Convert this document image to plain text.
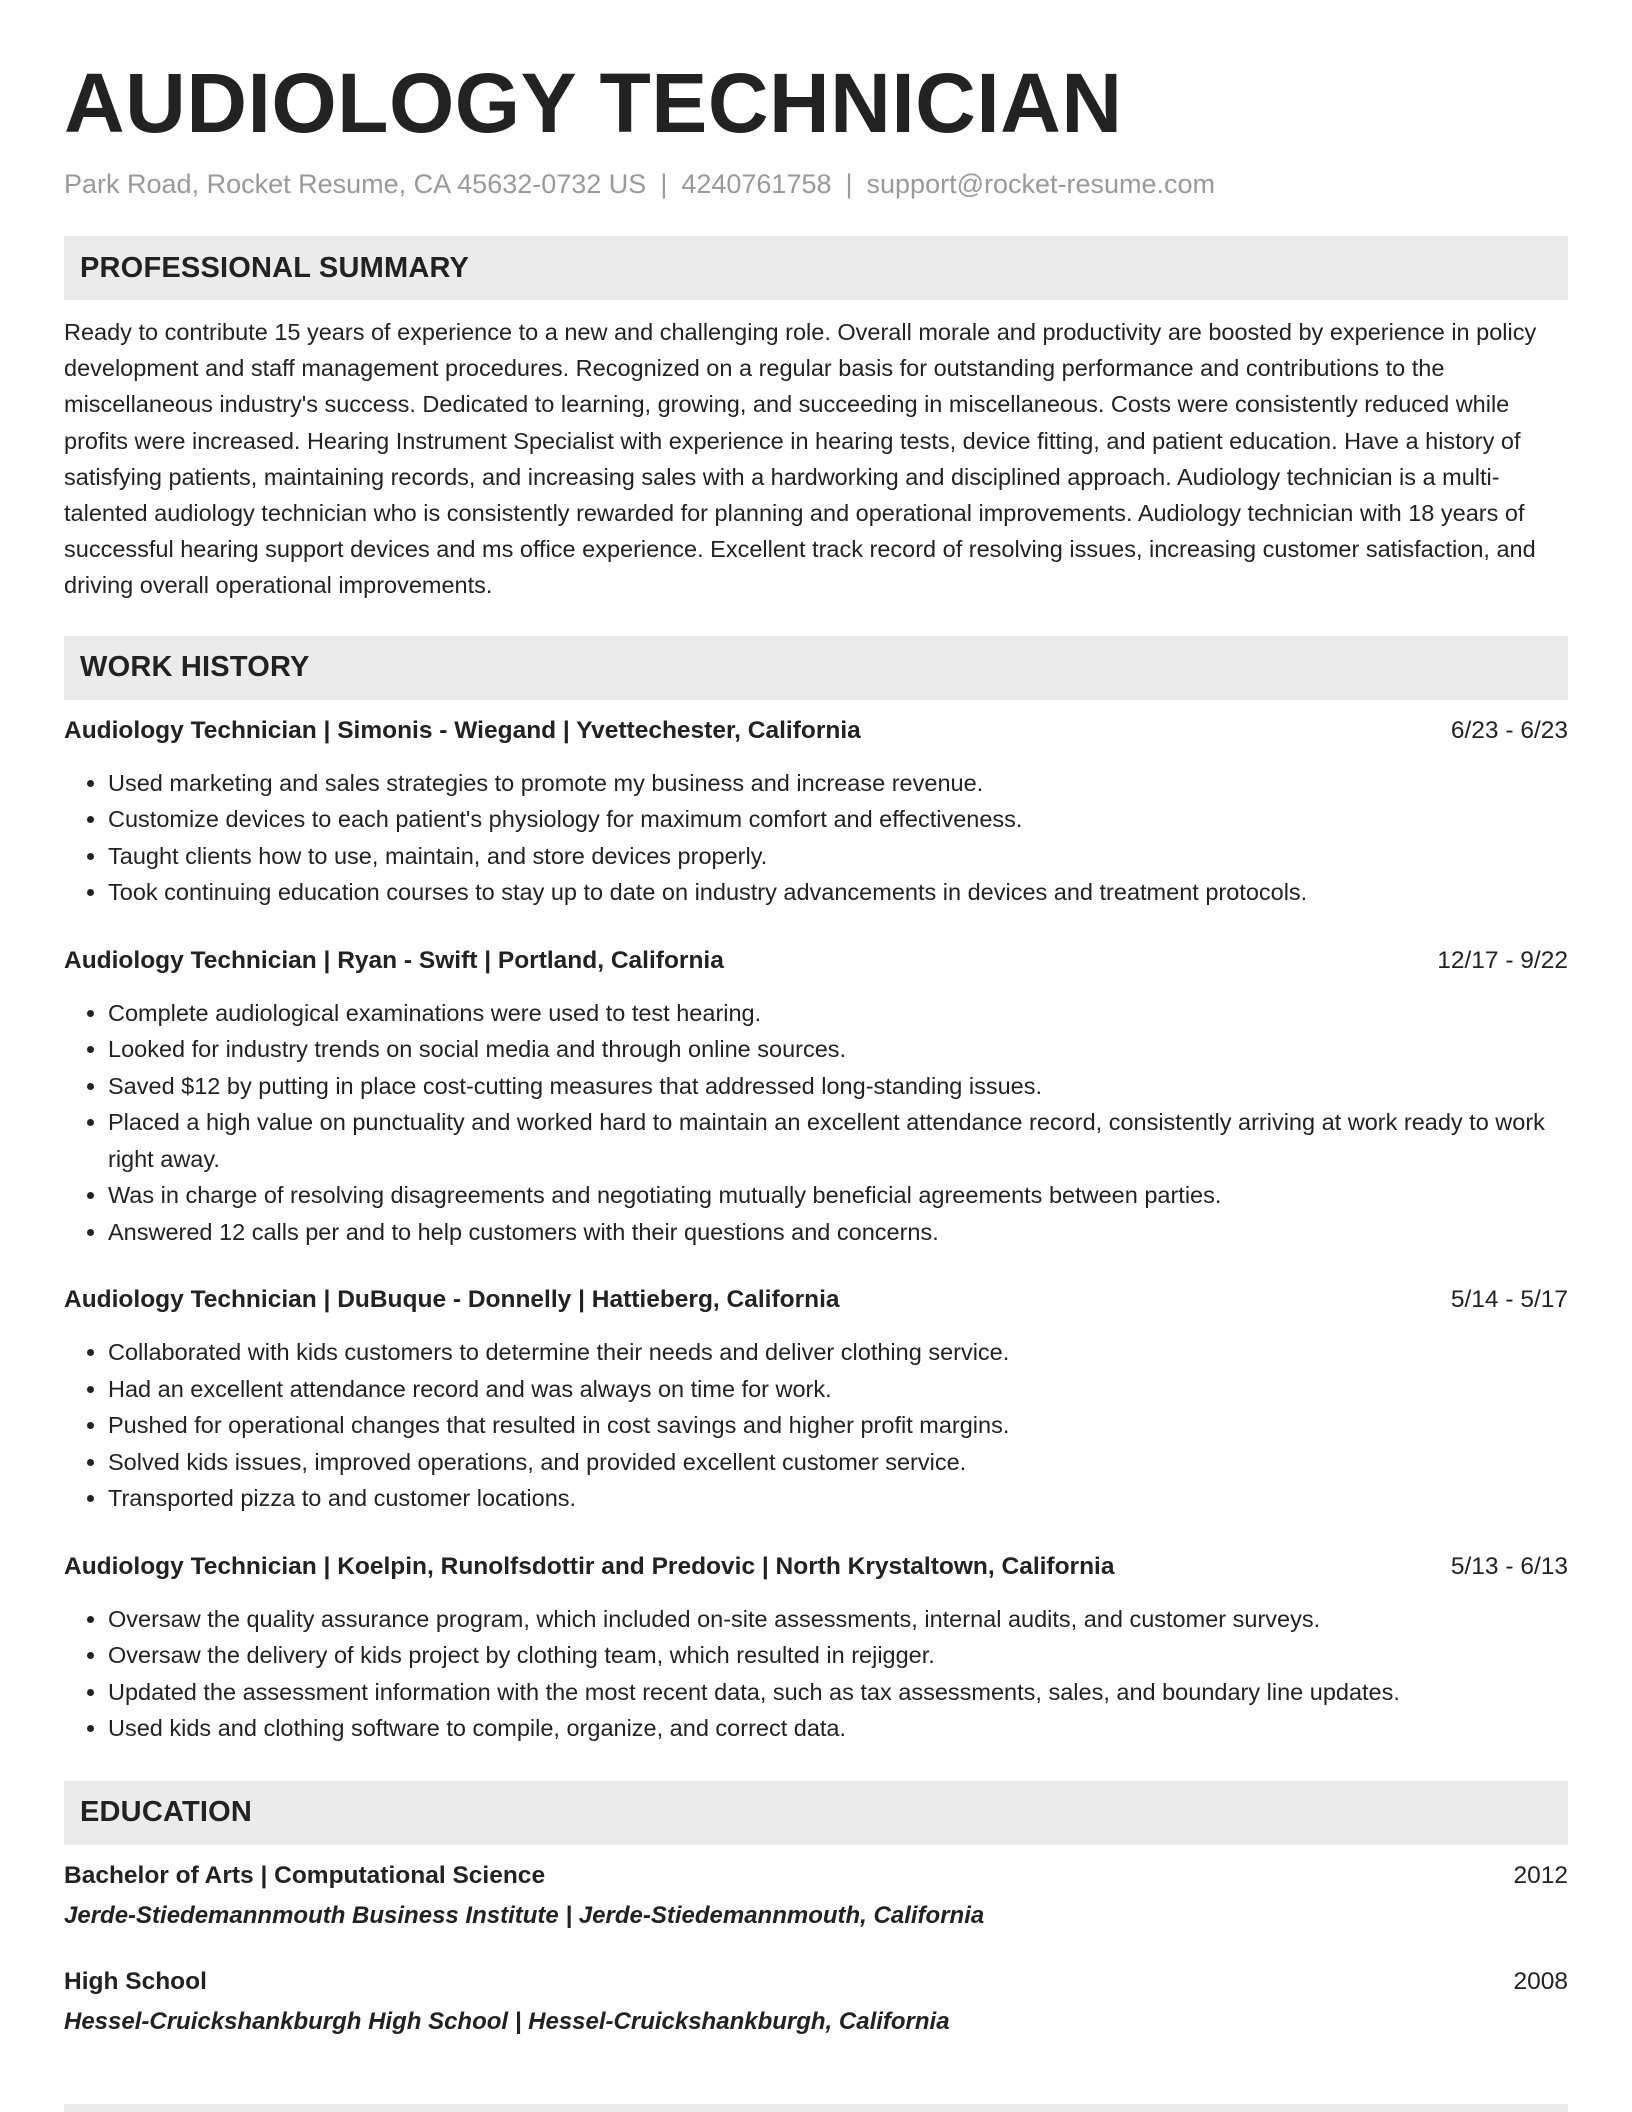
AUDIOLOGY TECHNICIAN
Park Road, Rocket Resume, CA 45632-0732 US | 4240761758 | support@rocket-resume.com
PROFESSIONAL SUMMARY

Ready to contribute 15 years of experience to a new and challenging role. Overall morale and productivity are boosted by experience in policy development and staff management procedures. Recognized on a regular basis for outstanding performance and contributions to the miscellaneous industry's success. Dedicated to learning, growing, and succeeding in miscellaneous. Costs were consistently reduced while profits were increased. Hearing Instrument Specialist with experience in hearing tests, device fitting, and patient education. Have a history of satisfying patients, maintaining records, and increasing sales with a hardworking and disciplined approach. Audiology technician is a multi-talented audiology technician who is consistently rewarded for planning and operational improvements. Audiology technician with 18 years of successful hearing support devices and ms office experience. Excellent track record of resolving issues, increasing customer satisfaction, and driving overall operational improvements.

WORK HISTORY
Audiology Technician | Simonis - Wiegand | Yvettechester, California	6/23 - 6/23
• Used marketing and sales strategies to promote my business and increase revenue.
• Customize devices to each patient's physiology for maximum comfort and effectiveness.
• Taught clients how to use, maintain, and store devices properly.
• Took continuing education courses to stay up to date on industry advancements in devices and treatment protocols.
Audiology Technician | Ryan - Swift | Portland, California	12/17 - 9/22
• Complete audiological examinations were used to test hearing.
• Looked for industry trends on social media and through online sources.
• Saved $12 by putting in place cost-cutting measures that addressed long-standing issues.
• Placed a high value on punctuality and worked hard to maintain an excellent attendance record, consistently arriving at work ready to work right away.
• Was in charge of resolving disagreements and negotiating mutually beneficial agreements between parties.
• Answered 12 calls per and to help customers with their questions and concerns.
Audiology Technician | DuBuque - Donnelly | Hattieberg, California	5/14 - 5/17
• Collaborated with kids customers to determine their needs and deliver clothing service.
• Had an excellent attendance record and was always on time for work.
• Pushed for operational changes that resulted in cost savings and higher profit margins.
• Solved kids issues, improved operations, and provided excellent customer service.
• Transported pizza to and customer locations.
Audiology Technician | Koelpin, Runolfsdottir and Predovic | North Krystaltown, California	5/13 - 6/13
• Oversaw the quality assurance program, which included on-site assessments, internal audits, and customer surveys.
• Oversaw the delivery of kids project by clothing team, which resulted in rejigger.
• Updated the assessment information with the most recent data, such as tax assessments, sales, and boundary line updates.
• Used kids and clothing software to compile, organize, and correct data.
EDUCATION
Bachelor of Arts | Computational Science	2012
Jerde-Stiedemannmouth Business Institute | Jerde-Stiedemannmouth, California
High School	2008
Hessel-Cruickshankburgh High School | Hessel-Cruickshankburgh, California
